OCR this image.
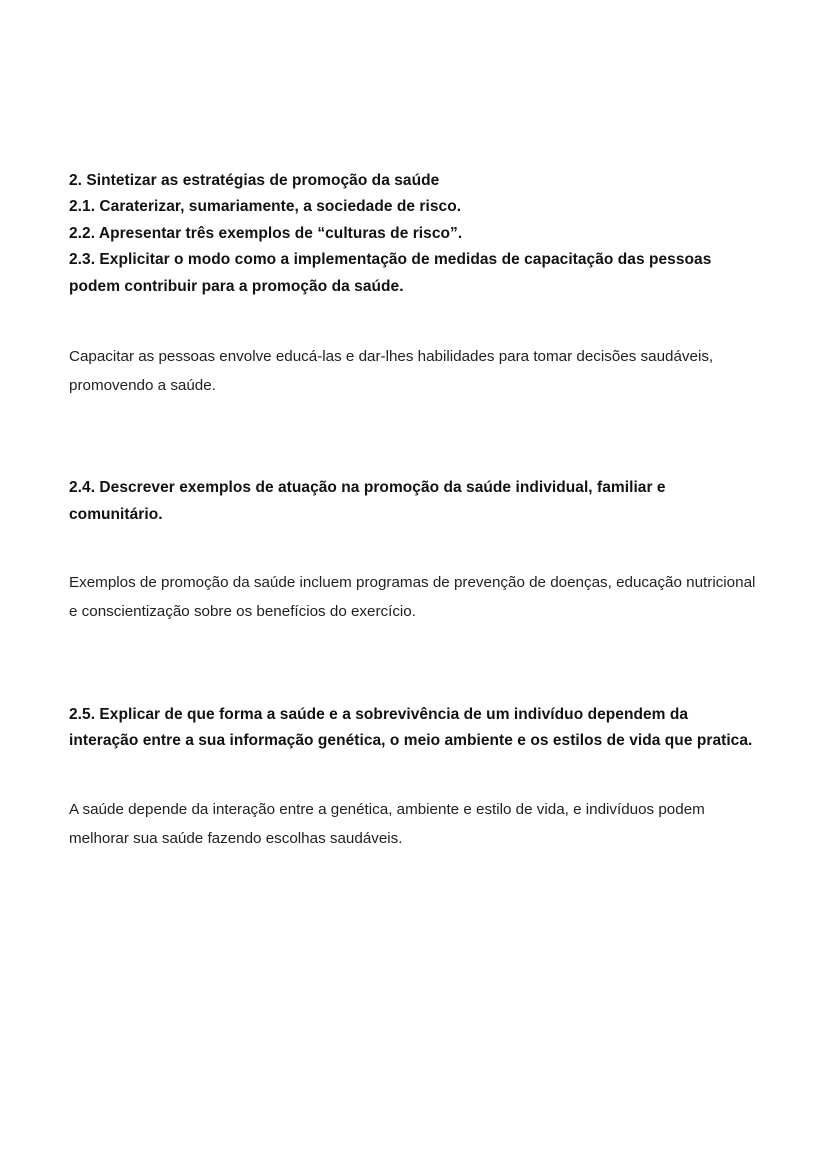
2. Sintetizar as estratégias de promoção da saúde
2.1. Caraterizar, sumariamente, a sociedade de risco.
2.2. Apresentar três exemplos de “culturas de risco”.
2.3. Explicitar o modo como a implementação de medidas de capacitação das pessoas podem contribuir para a promoção da saúde.

Capacitar as pessoas envolve educá-las e dar-lhes habilidades para tomar decisões saudáveis, promovendo a saúde.

2.4. Descrever exemplos de atuação na promoção da saúde individual, familiar e comunitário.

Exemplos de promoção da saúde incluem programas de prevenção de doenças, educação nutricional e conscientização sobre os benefícios do exercício.

2.5. Explicar de que forma a saúde e a sobrevivência de um indivíduo dependem da interação entre a sua informação genética, o meio ambiente e os estilos de vida que pratica.

A saúde depende da interação entre a genética, ambiente e estilo de vida, e indivíduos podem melhorar sua saúde fazendo escolhas saudáveis.
